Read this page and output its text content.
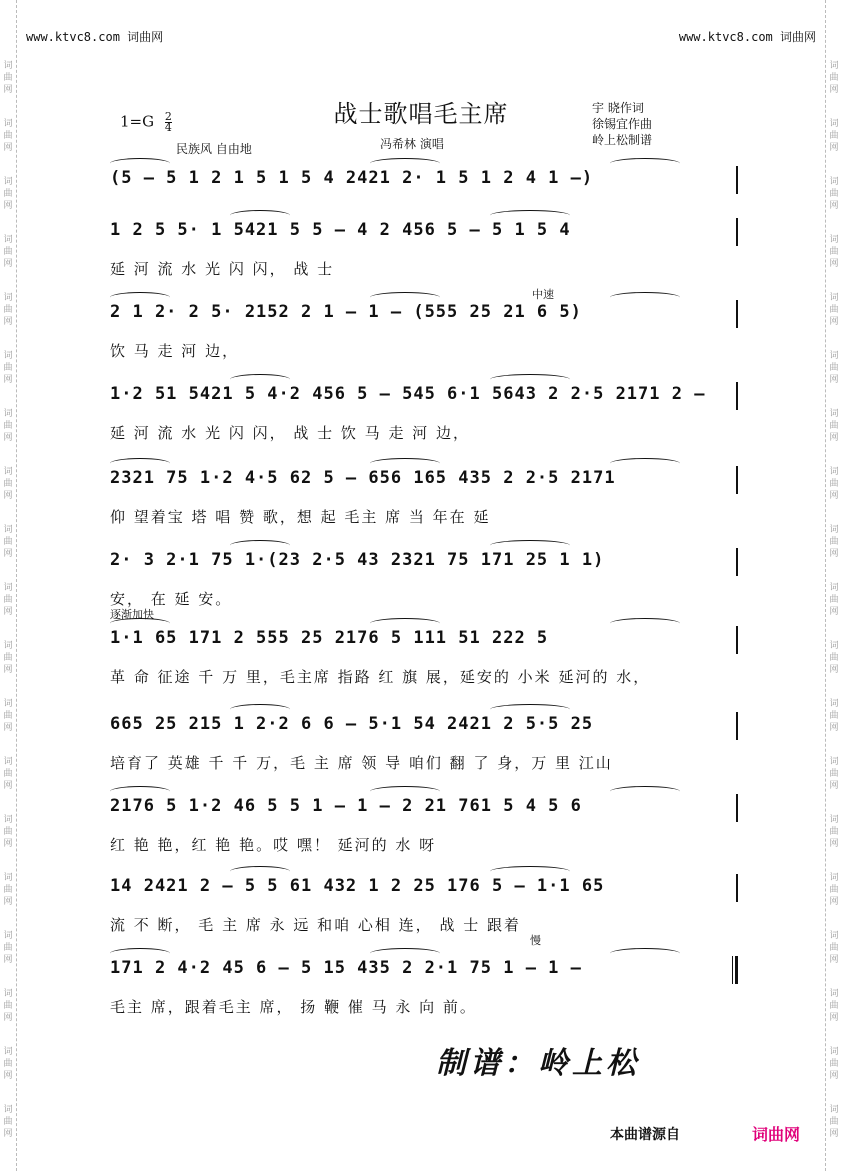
词
曲
网
词
曲
网
词
曲
网
词
曲
网
词
曲
网
词
曲
网
词
曲
网
词
曲
网
词
曲
网
词
曲
网
词
曲
网
词
曲
网
词
曲
网
词
曲
网
词
曲
网
词
曲
网
词
曲
网
词
曲
网
词
曲
网
词
曲
网
词
曲
网
词
曲
网
词
曲
网
词
曲
网
词
曲
网
词
曲
网
词
曲
网
词
曲
网
词
曲
网
词
曲
网
词
曲
网
词
曲
网
词
曲
网
词
曲
网
词
曲
网
词
曲
网
词
曲
网
词
曲
网
www.ktvc8.com 词曲网	www.ktvc8.com 词曲网
战士歌唱毛主席
$1=G \frac{2}{4}$
宇 晓作词
徐锡宜作曲
岭上松制谱
民族风 自由地	冯希林 演唱
中速
逐渐加快
慢
(5 – 5 1 2 1 5 1 5 4 2421 2· 1 5 1 2 4 1 –)
1 2 5 5· 1 5421 5 5 – 4 2 456 5 – 5 1 5 4
延 河 流 水 光 闪 闪， 战 士
2 1 2· 2 5· 2152 2 1 – 1 – (555 25 21 6 5)
饮 马 走 河 边，
1·2 51 5421 5 4·2 456 5 – 545 6·1 5643 2 2·5 2171 2 –
延 河 流 水 光 闪 闪， 战 士 饮 马 走 河 边，
2321 75 1·2 4·5 62 5 – 656 165 435 2 2·5 2171
仰 望着宝 塔 唱 赞 歌，想 起 毛主 席 当 年在 延
2· 3 2·1 75 1·(23 2·5 43 2321 75 171 25 1 1)
安， 在 延 安。
1·1 65 171 2 555 25 2176 5 111 51 222 5
革 命 征途 千 万 里，毛主席 指路 红 旗 展，延安的 小米 延河的 水，
665 25 215 1 2·2 6 6 – 5·1 54 2421 2 5·5 25
培育了 英雄 千 千 万，毛 主 席 领 导 咱们 翻 了 身，万 里 江山
2176 5 1·2 46 5 5 1 – 1 – 2 21 761 5 4 5 6
红 艳 艳，红 艳 艳。哎 嘿！ 延河的 水 呀
14 2421 2 – 5 5 61 432 1 2 25 176 5 – 1·1 65
流 不 断， 毛 主 席 永 远 和咱 心相 连， 战 士 跟着
171 2 4·2 45 6 – 5 15 435 2 2·1 75 1 – 1 –
毛主 席，跟着毛主 席， 扬 鞭 催 马 永 向 前。
制谱：岭上松
本曲谱源自	词曲网
